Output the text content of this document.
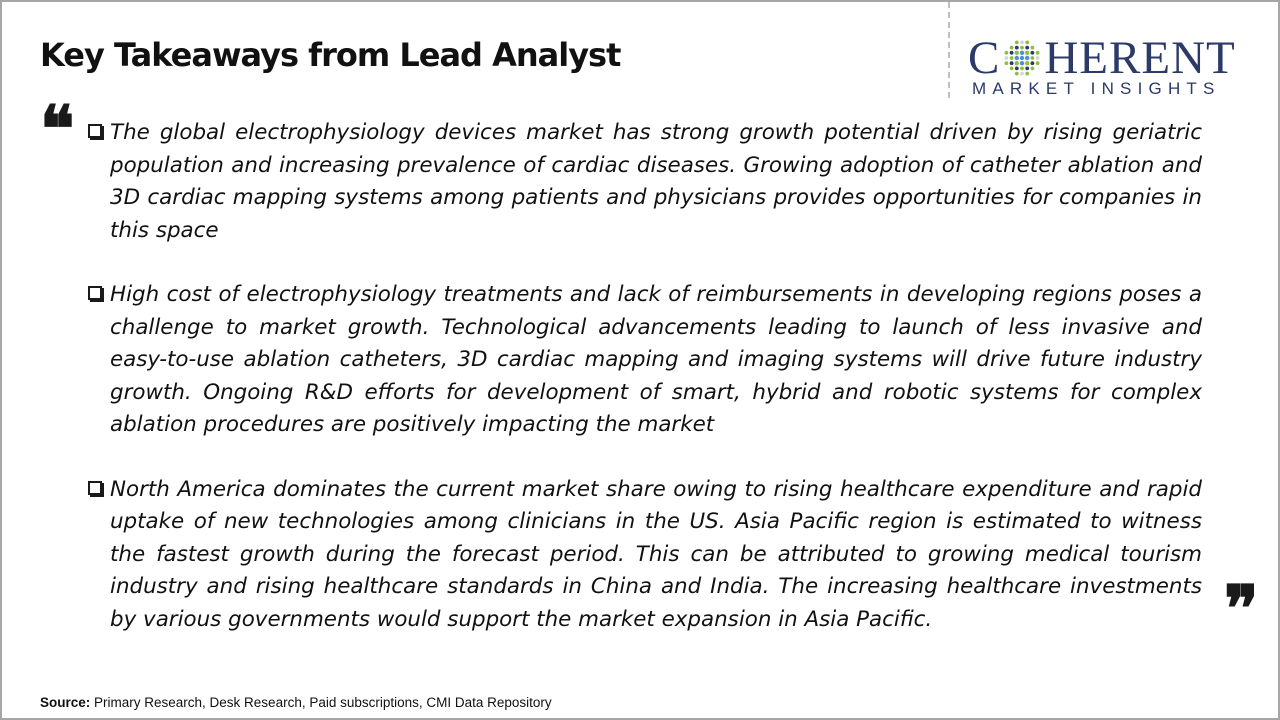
Key Takeaways from Lead Analyst	C HERENT
MARKET INSIGHTS
❝	The global electrophysiology devices market has strong growth potential driven by rising geriatric population and increasing prevalence of cardiac diseases. Growing adoption of catheter ablation and 3D cardiac mapping systems among patients and physicians provides opportunities for companies in this space
High cost of electrophysiology treatments and lack of reimbursements in developing regions poses a challenge to market growth. Technological advancements leading to launch of less invasive and easy-to-use ablation catheters, 3D cardiac mapping and imaging systems will drive future industry growth. Ongoing R&D efforts for development of smart, hybrid and robotic systems for complex ablation procedures are positively impacting the market
North America dominates the current market share owing to rising healthcare expenditure and rapid uptake of new technologies among clinicians in the US. Asia Pacific region is estimated to witness the fastest growth during the forecast period. This can be attributed to growing medical tourism industry and rising healthcare standards in China and India. The increasing healthcare investments by various governments would support the market expansion in Asia Pacific.	❞
Source: Primary Research, Desk Research, Paid subscriptions, CMI Data Repository
